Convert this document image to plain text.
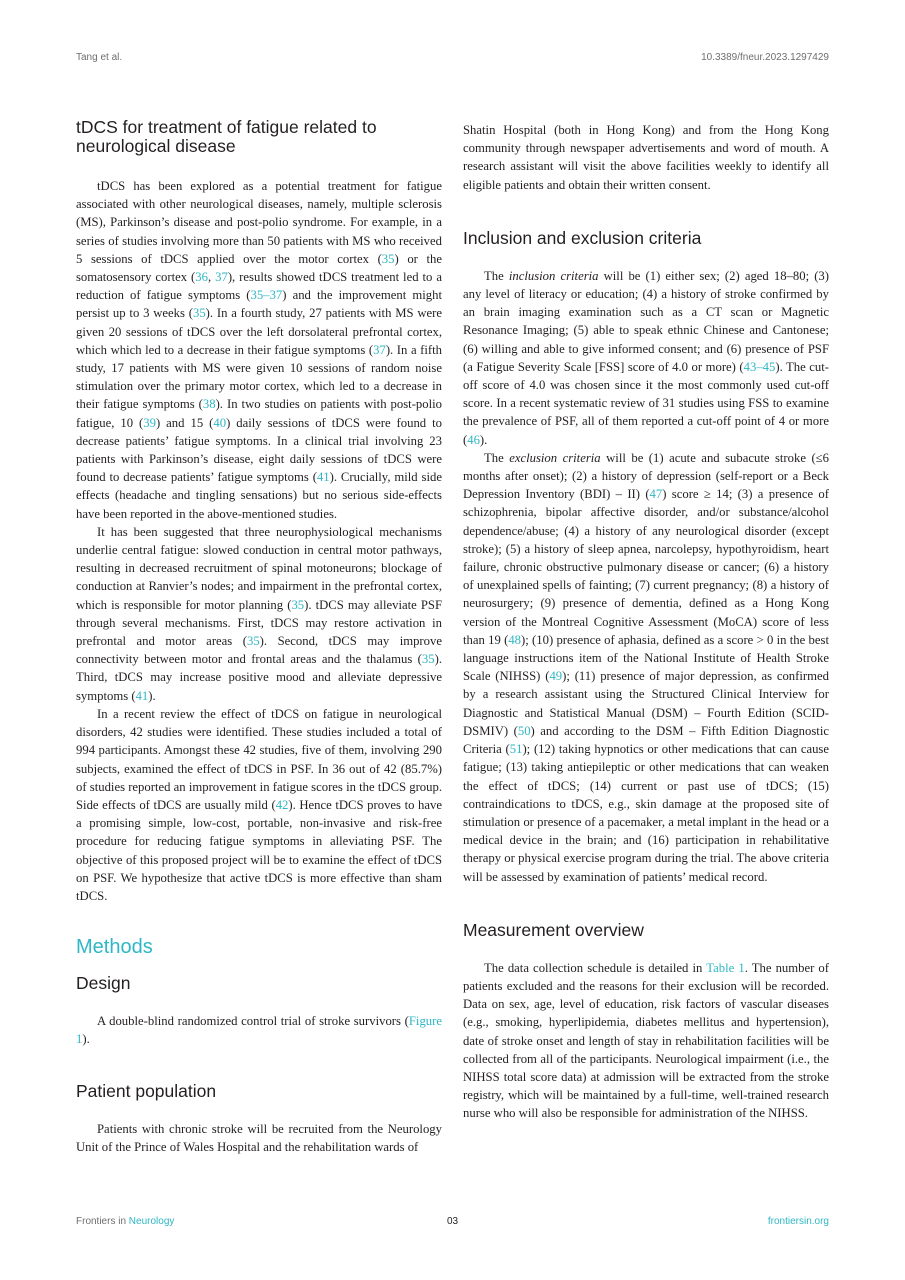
Tang et al.	10.3389/fneur.2023.1297429
tDCS for treatment of fatigue related to neurological disease

tDCS has been explored as a potential treatment for fatigue associated with other neurological diseases, namely, multiple sclerosis (MS), Parkinson’s disease and post-polio syndrome. For example, in a series of studies involving more than 50 patients with MS who received 5 sessions of tDCS applied over the motor cortex (35) or the somatosensory cortex (36, 37), results showed tDCS treatment led to a reduction of fatigue symptoms (35–37) and the improvement might persist up to 3 weeks (35). In a fourth study, 27 patients with MS were given 20 sessions of tDCS over the left dorsolateral prefrontal cortex, which which led to a decrease in their fatigue symptoms (37). In a fifth study, 17 patients with MS were given 10 sessions of random noise stimulation over the primary motor cortex, which led to a decrease in their fatigue symptoms (38). In two studies on patients with post-polio fatigue, 10 (39) and 15 (40) daily sessions of tDCS were found to decrease patients’ fatigue symptoms. In a clinical trial involving 23 patients with Parkinson’s disease, eight daily sessions of tDCS were found to decrease patients’ fatigue symptoms (41). Crucially, mild side effects (headache and tingling sensations) but no serious side-effects have been reported in the above-mentioned studies.

It has been suggested that three neurophysiological mechanisms underlie central fatigue: slowed conduction in central motor pathways, resulting in decreased recruitment of spinal motoneurons; blockage of conduction at Ranvier’s nodes; and impairment in the prefrontal cortex, which is responsible for motor planning (35). tDCS may alleviate PSF through several mechanisms. First, tDCS may restore activation in prefrontal and motor areas (35). Second, tDCS may improve connectivity between motor and frontal areas and the thalamus (35). Third, tDCS may increase positive mood and alleviate depressive symptoms (41).

In a recent review the effect of tDCS on fatigue in neurological disorders, 42 studies were identified. These studies included a total of 994 participants. Amongst these 42 studies, five of them, involving 290 subjects, examined the effect of tDCS in PSF. In 36 out of 42 (85.7%) of studies reported an improvement in fatigue scores in the tDCS group. Side effects of tDCS are usually mild (42). Hence tDCS proves to have a promising simple, low-cost, portable, non-invasive and risk-free procedure for reducing fatigue symptoms in alleviating PSF. The objective of this proposed project will be to examine the effect of tDCS on PSF. We hypothesize that active tDCS is more effective than sham tDCS.

Methods
Design

A double-blind randomized control trial of stroke survivors (Figure 1).

Patient population

Patients with chronic stroke will be recruited from the Neurology Unit of the Prince of Wales Hospital and the rehabilitation wards of

Shatin Hospital (both in Hong Kong) and from the Hong Kong community through newspaper advertisements and word of mouth. A research assistant will visit the above facilities weekly to identify all eligible patients and obtain their written consent.

Inclusion and exclusion criteria

The inclusion criteria will be (1) either sex; (2) aged 18–80; (3) any level of literacy or education; (4) a history of stroke confirmed by an brain imaging examination such as a CT scan or Magnetic Resonance Imaging; (5) able to speak ethnic Chinese and Cantonese; (6) willing and able to give informed consent; and (6) presence of PSF (a Fatigue Severity Scale [FSS] score of 4.0 or more) (43–45). The cut-off score of 4.0 was chosen since it the most commonly used cut-off score. In a recent systematic review of 31 studies using FSS to examine the prevalence of PSF, all of them reported a cut-off point of 4 or more (46).

The exclusion criteria will be (1) acute and subacute stroke (≤6 months after onset); (2) a history of depression (self-report or a Beck Depression Inventory (BDI) – II) (47) score ≥ 14; (3) a presence of schizophrenia, bipolar affective disorder, and/or substance/alcohol dependence/abuse; (4) a history of any neurological disorder (except stroke); (5) a history of sleep apnea, narcolepsy, hypothyroidism, heart failure, chronic obstructive pulmonary disease or cancer; (6) a history of unexplained spells of fainting; (7) current pregnancy; (8) a history of neurosurgery; (9) presence of dementia, defined as a Hong Kong version of the Montreal Cognitive Assessment (MoCA) score of less than 19 (48); (10) presence of aphasia, defined as a score > 0 in the best language instructions item of the National Institute of Health Stroke Scale (NIHSS) (49); (11) presence of major depression, as confirmed by a research assistant using the Structured Clinical Interview for Diagnostic and Statistical Manual (DSM) – Fourth Edition (SCID-DSMIV) (50) and according to the DSM – Fifth Edition Diagnostic Criteria (51); (12) taking hypnotics or other medications that can cause fatigue; (13) taking antiepileptic or other medications that can weaken the effect of tDCS; (14) current or past use of tDCS; (15) contraindications to tDCS, e.g., skin damage at the proposed site of stimulation or presence of a pacemaker, a metal implant in the head or a medical device in the brain; and (16) participation in rehabilitative therapy or physical exercise program during the trial. The above criteria will be assessed by examination of patients’ medical record.

Measurement overview

The data collection schedule is detailed in Table 1. The number of patients excluded and the reasons for their exclusion will be recorded. Data on sex, age, level of education, risk factors of vascular diseases (e.g., smoking, hyperlipidemia, diabetes mellitus and hypertension), date of stroke onset and length of stay in rehabilitation facilities will be collected from all of the participants. Neurological impairment (i.e., the NIHSS total score data) at admission will be extracted from the stroke registry, which will be maintained by a full-time, well-trained research nurse who will also be responsible for administration of the NIHSS.

Frontiers in Neurology	03	frontiersin.org
